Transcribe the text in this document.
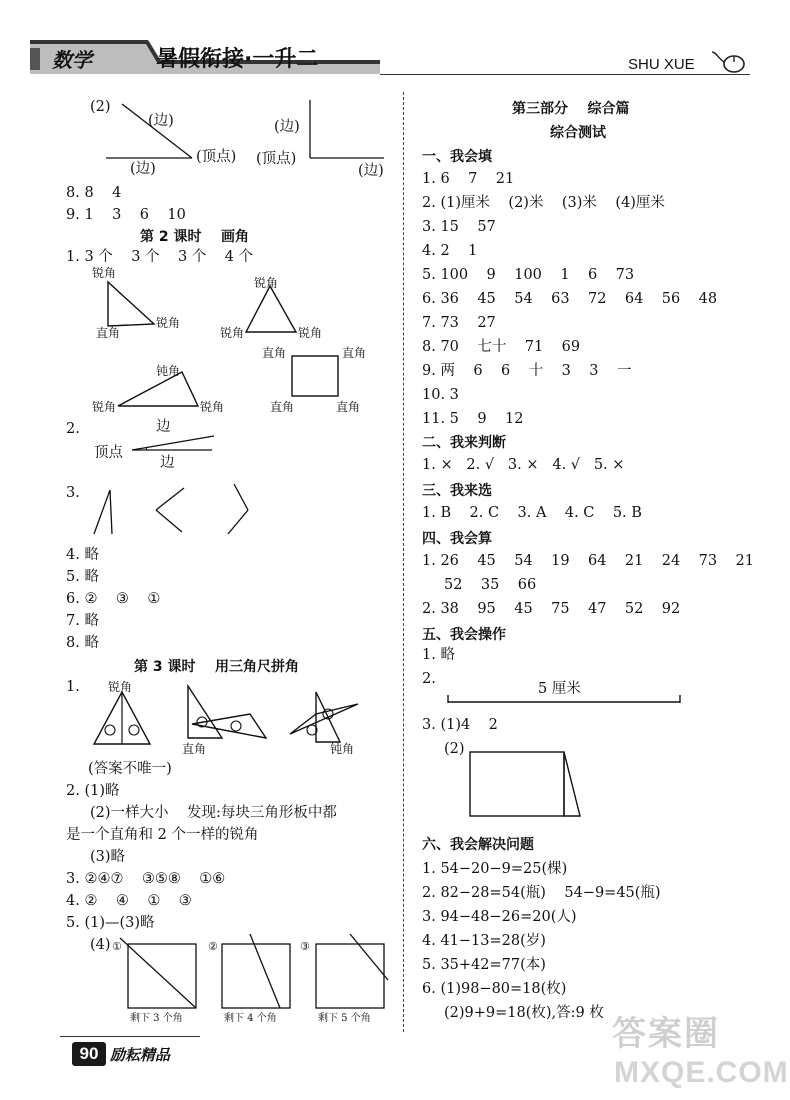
数学	暑假衔接·一升二	SHU XUE
(2)
(边)
(边)
(顶点)
(边)
(顶点)
(边)
8. 8    4
9. 1    3    6    10
第 2 课时    画角
1. 3 个    3 个    3 个    4 个
锐角
直角
锐角
锐角
锐角	锐角
钝角
锐角	锐角
直角	直角
直角	直角
2.	边
顶点
边
3.
4. 略
5. 略
6. ②    ③    ①
7. 略
8. 略
第 3 课时    用三角尺拼角
1. 锐角
直角	钝角
(答案不唯一)
2. (1)略
(2)一样大小    发现:每块三角形板中都
是一个直角和 2 个一样的锐角
(3)略
3. ②④⑦    ③⑤⑧    ①⑥
4. ②    ④    ①    ③
5. (1)—(3)略
(4) ①	②	③
剩下 3 个角	剩下 4 个角	剩下 5 个角
第三部分    综合篇
综合测试
一、我会填
1. 6    7    21
2. (1)厘米    (2)米    (3)米    (4)厘米
3. 15    57
4. 2    1
5. 100    9    100    1    6    73
6. 36    45    54    63    72    64    56    48
7. 73    27
8. 70    七十    71    69
9. 两    6    6    十    3    3    一
10. 3
11. 5    9    12
二、我来判断
1. ×   2. √   3. ×   4. √   5. ×
三、我来选
1. B    2. C    3. A    4. C    5. B
四、我会算
1. 26    45    54    19    64    21    24    73    21
52    35    66
2. 38    95    45    75    47    52    92
五、我会操作
1. 略
2.
5 厘米
3. (1)4    2
(2)
六、我会解决问题
1. 54−20−9=25(棵)
2. 82−28=54(瓶)    54−9=45(瓶)
3. 94−48−26=20(人)
4. 41−13=28(岁)
5. 35+42=77(本)
6. (1)98−80=18(枚)
(2)9+9=18(枚),答:9 枚
90 励耘精品
答案圈
MXQE.COM
